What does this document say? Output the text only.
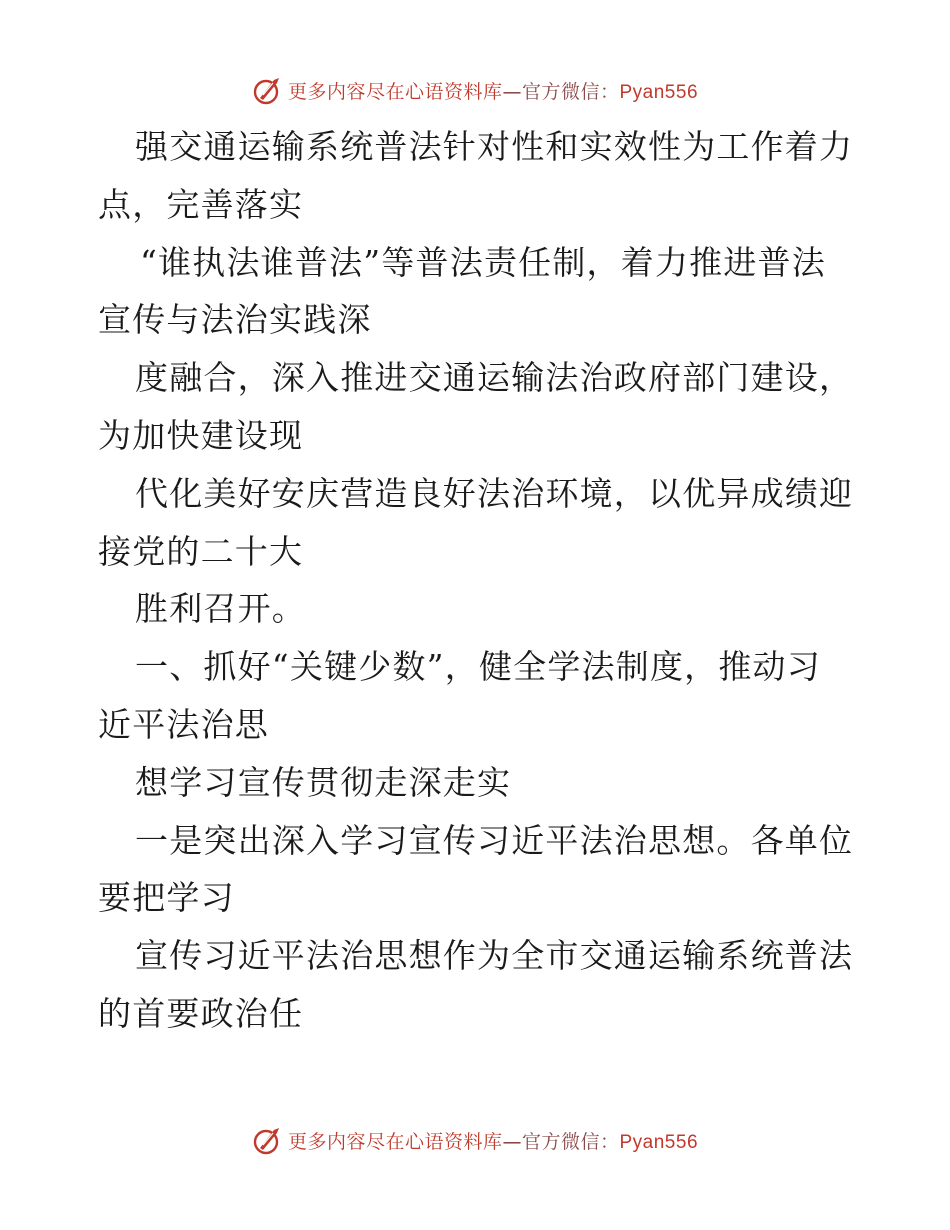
更多内容尽在心语资料库—官方微信：Pyan556
强交通运输系统普法针对性和实效性为工作着力
点，完善落实
“谁执法谁普法”等普法责任制，着力推进普法
宣传与法治实践深
度融合，深入推进交通运输法治政府部门建设，
为加快建设现
代化美好安庆营造良好法治环境，以优异成绩迎
接党的二十大
胜利召开。
一、抓好“关键少数”，健全学法制度，推动习
近平法治思
想学习宣传贯彻走深走实
一是突出深入学习宣传习近平法治思想。各单位
要把学习
宣传习近平法治思想作为全市交通运输系统普法
的首要政治任
更多内容尽在心语资料库—官方微信：Pyan556
